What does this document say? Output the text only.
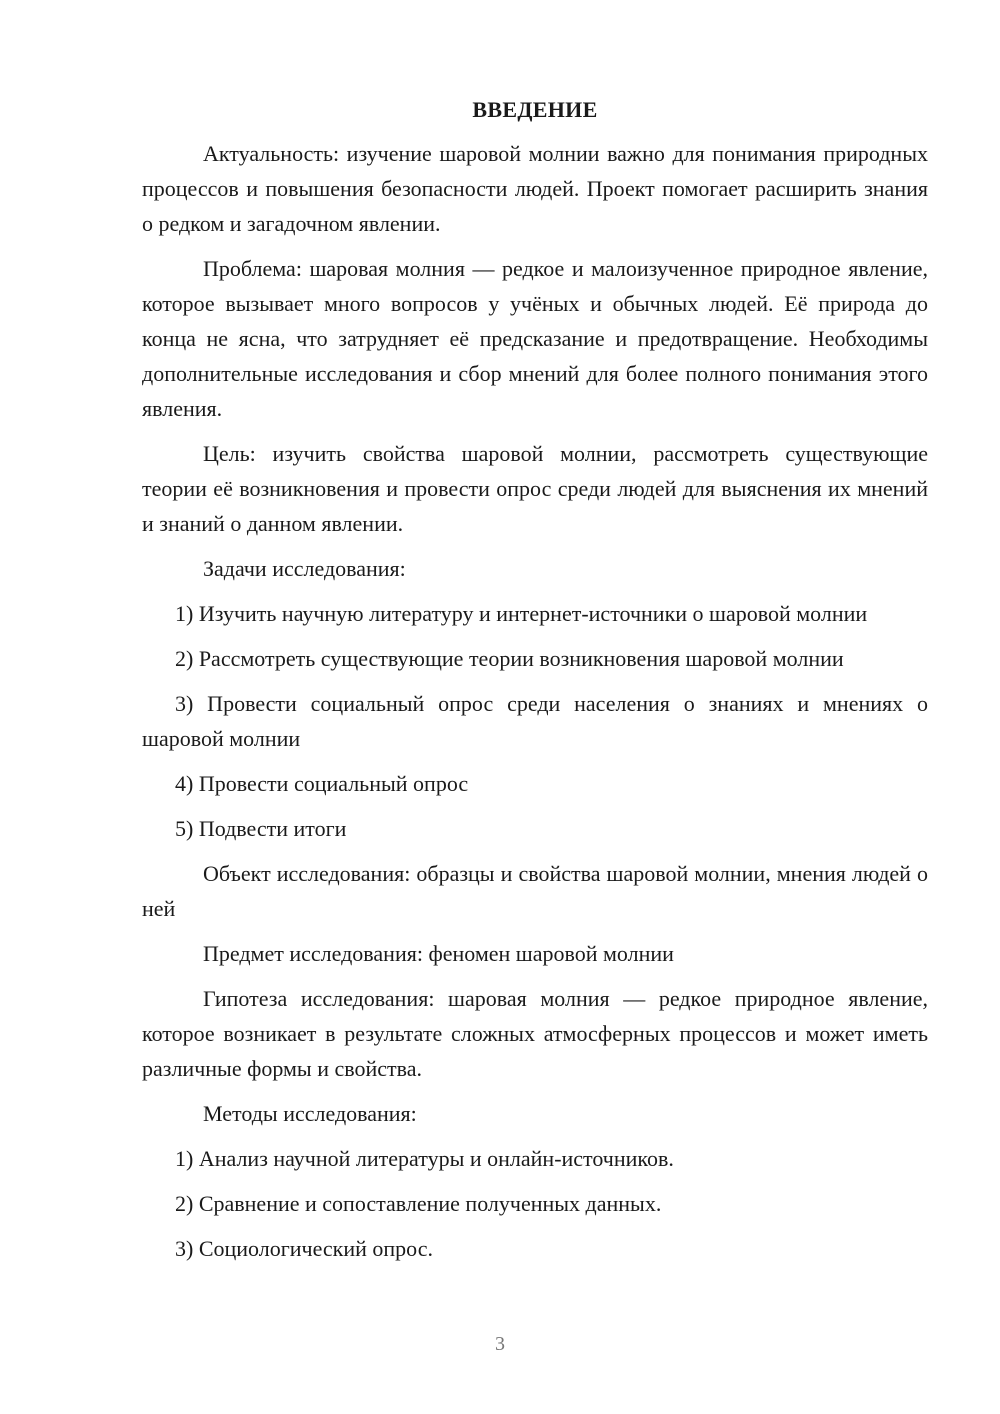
ВВЕДЕНИЕ

Актуальность: изучение шаровой молнии важно для понимания природных процессов и повышения безопасности людей. Проект помогает расширить знания о редком и загадочном явлении.

Проблема: шаровая молния — редкое и малоизученное природное явление, которое вызывает много вопросов у учёных и обычных людей. Её природа до конца не ясна, что затрудняет её предсказание и предотвращение. Необходимы дополнительные исследования и сбор мнений для более полного понимания этого явления.

Цель: изучить свойства шаровой молнии, рассмотреть существующие теории её возникновения и провести опрос среди людей для выяснения их мнений и знаний о данном явлении.

Задачи исследования:

1) Изучить научную литературу и интернет-источники о шаровой молнии

2) Рассмотреть существующие теории возникновения шаровой молнии

3) Провести социальный опрос среди населения о знаниях и мнениях о шаровой молнии

4) Провести социальный опрос

5) Подвести итоги

Объект исследования: образцы и свойства шаровой молнии, мнения людей о ней

Предмет исследования: феномен шаровой молнии

Гипотеза исследования: шаровая молния — редкое природное явление, которое возникает в результате сложных атмосферных процессов и может иметь различные формы и свойства.

Методы исследования:

1) Анализ научной литературы и онлайн-источников.

2) Сравнение и сопоставление полученных данных.

3) Социологический опрос.

3
